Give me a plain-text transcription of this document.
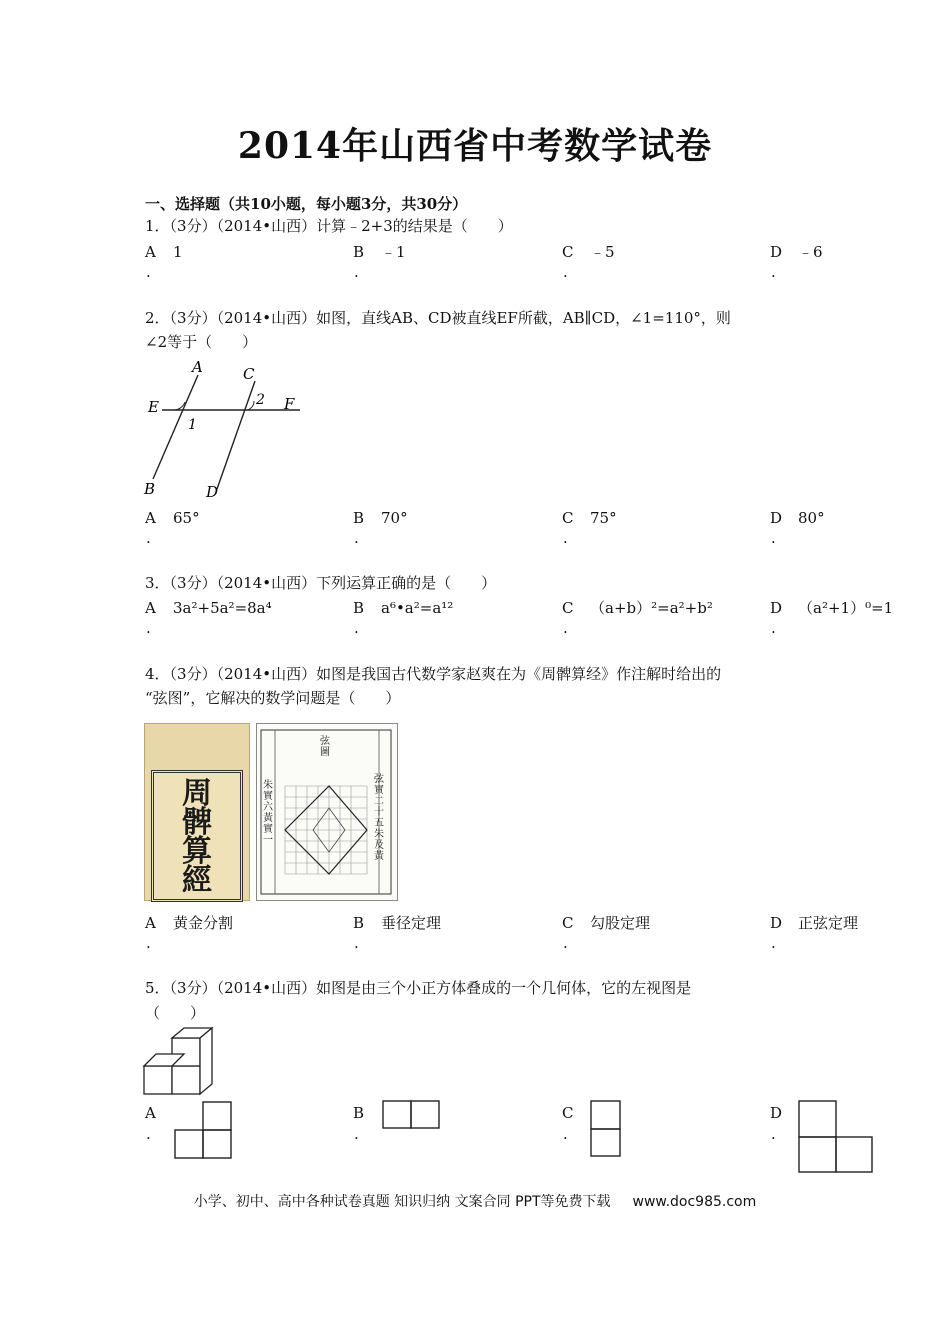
2014年山西省中考数学试卷
一、选择题（共10小题，每小题3分，共30分）
1．（3分）（2014•山西）计算﹣2+3的结果是（　　）
A 1	B ﹣1	C ﹣5	D ﹣6
.	.	.	.
2．（3分）（2014•山西）如图，直线AB、CD被直线EF所截，AB∥CD，∠1=110°，则
∠2等于（　　）
A	C
E	F
2
1
B	D
A 65°	B 70°	C 75°	D 80°
.	.	.	.
3．（3分）（2014•山西）下列运算正确的是（　　）
A 3a²+5a²=8a⁴	B a⁶•a²=a¹²	C （a+b）²=a²+b²	D （a²+1）⁰=1
.	.	.	.
4．（3分）（2014•山西）如图是我国古代数学家赵爽在为《周髀算经》作注解时给出的
“弦图”，它解决的数学问题是（　　）
周
髀
算
經

弦
圖

朱
實
六
黃
實
一

弦
實
二
十
五
朱
及
黃

A 黄金分割	B 垂径定理	C 勾股定理	D 正弦定理
.	.	.	.
5．（3分）（2014•山西）如图是由三个小正方体叠成的一个几何体，它的左视图是
（　　）
A	B	C	D
.	.	.	.
小学、初中、高中各种试卷真题 知识归纳 文案合同 PPT等免费下载 www.doc985.com
